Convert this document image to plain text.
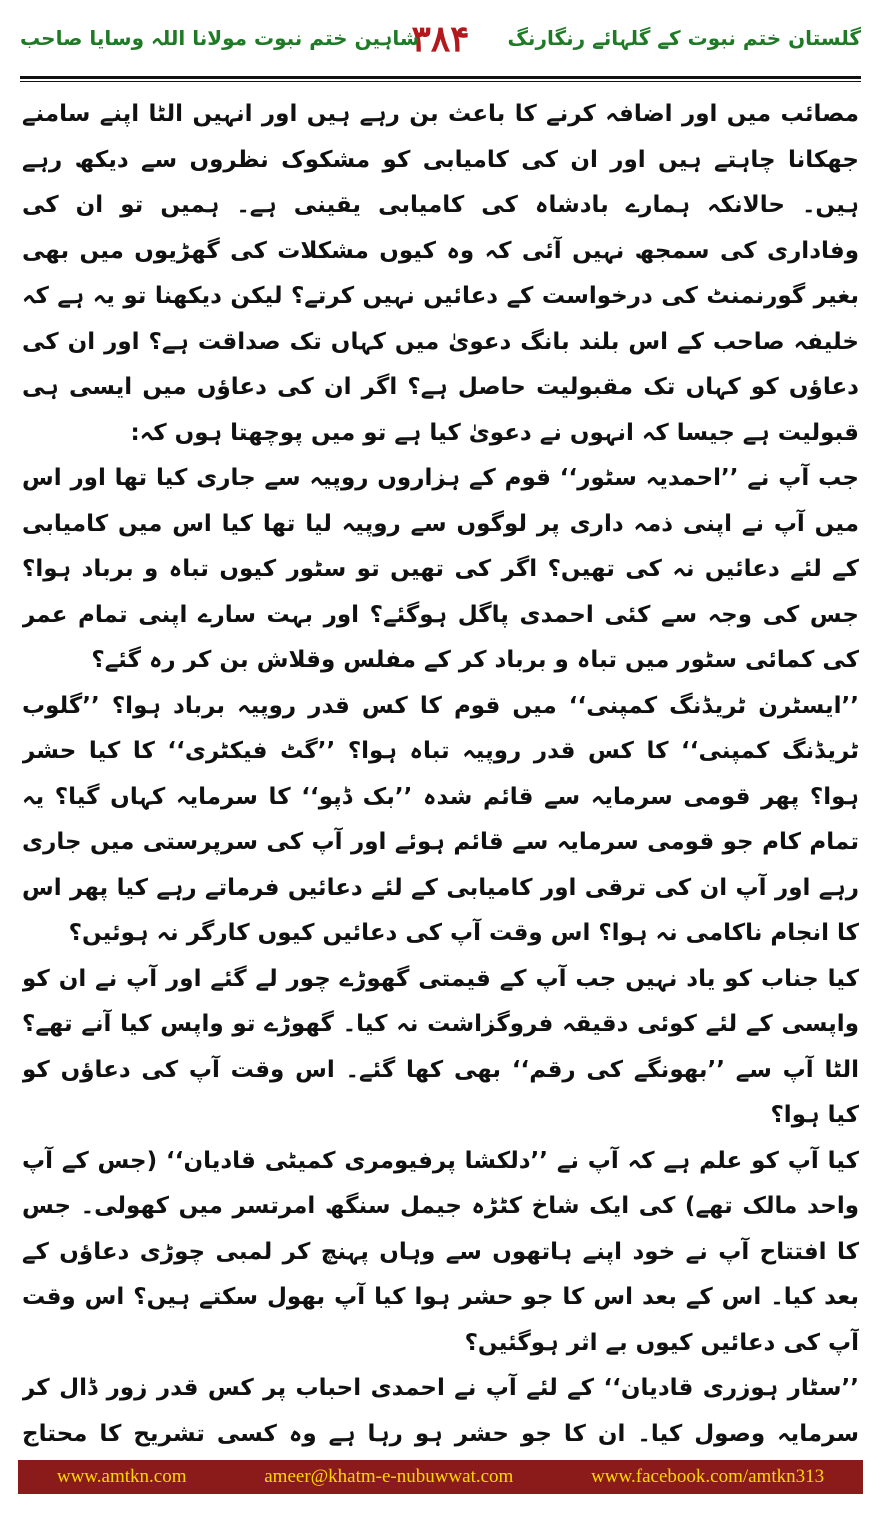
گلستان ختم نبوت کے گلہائے رنگارنگ
۳۸۴
شاہین ختم نبوت مولانا اللہ وسایا صاحب

مصائب میں اور اضافہ کرنے کا باعث بن رہے ہیں اور انہیں الٹا اپنے سامنے جھکانا چاہتے ہیں اور ان کی کامیابی کو مشکوک نظروں سے دیکھ رہے ہیں۔ حالانکہ ہمارے بادشاہ کی کامیابی یقینی ہے۔ ہمیں تو ان کی وفاداری کی سمجھ نہیں آئی کہ وہ کیوں مشکلات کی گھڑیوں میں بھی بغیر گورنمنٹ کی درخواست کے دعائیں نہیں کرتے؟ لیکن دیکھنا تو یہ ہے کہ خلیفہ صاحب کے اس بلند بانگ دعویٰ میں کہاں تک صداقت ہے؟ اور ان کی دعاؤں کو کہاں تک مقبولیت حاصل ہے؟ اگر ان کی دعاؤں میں ایسی ہی قبولیت ہے جیسا کہ انہوں نے دعویٰ کیا ہے تو میں پوچھتا ہوں کہ:

جب آپ نے ’’احمدیہ سٹور‘‘ قوم کے ہزاروں روپیہ سے جاری کیا تھا اور اس میں آپ نے اپنی ذمہ داری پر لوگوں سے روپیہ لیا تھا کیا اس میں کامیابی کے لئے دعائیں نہ کی تھیں؟ اگر کی تھیں تو سٹور کیوں تباہ و برباد ہوا؟ جس کی وجہ سے کئی احمدی پاگل ہوگئے؟ اور بہت سارے اپنی تمام عمر کی کمائی سٹور میں تباہ و برباد کر کے مفلس وقلاش بن کر رہ گئے؟

’’ایسٹرن ٹریڈنگ کمپنی‘‘ میں قوم کا کس قدر روپیہ برباد ہوا؟ ’’گلوب ٹریڈنگ کمپنی‘‘ کا کس قدر روپیہ تباہ ہوا؟ ’’گٹ فیکٹری‘‘ کا کیا حشر ہوا؟ پھر قومی سرمایہ سے قائم شدہ ’’بک ڈپو‘‘ کا سرمایہ کہاں گیا؟ یہ تمام کام جو قومی سرمایہ سے قائم ہوئے اور آپ کی سرپرستی میں جاری رہے اور آپ ان کی ترقی اور کامیابی کے لئے دعائیں فرماتے رہے کیا پھر اس کا انجام ناکامی نہ ہوا؟ اس وقت آپ کی دعائیں کیوں کارگر نہ ہوئیں؟

کیا جناب کو یاد نہیں جب آپ کے قیمتی گھوڑے چور لے گئے اور آپ نے ان کو واپسی کے لئے کوئی دقیقہ فروگزاشت نہ کیا۔ گھوڑے تو واپس کیا آنے تھے؟ الٹا آپ سے ’’بھونگے کی رقم‘‘ بھی کھا گئے۔ اس وقت آپ کی دعاؤں کو کیا ہوا؟

کیا آپ کو علم ہے کہ آپ نے ’’دلکشا پرفیومری کمیٹی قادیان‘‘ (جس کے آپ واحد مالک تھے) کی ایک شاخ کٹڑہ جیمل سنگھ امرتسر میں کھولی۔ جس کا افتتاح آپ نے خود اپنے ہاتھوں سے وہاں پہنچ کر لمبی چوڑی دعاؤں کے بعد کیا۔ اس کے بعد اس کا جو حشر ہوا کیا آپ بھول سکتے ہیں؟ اس وقت آپ کی دعائیں کیوں بے اثر ہوگئیں؟

’’سٹار ہوزری قادیان‘‘ کے لئے آپ نے احمدی احباب پر کس قدر زور ڈال کر سرمایہ وصول کیا۔ ان کا جو حشر ہو رہا ہے وہ کسی تشریح کا محتاج

www.amtkn.com	ameer@khatm-e-nubuwwat.com	www.facebook.com/amtkn313
